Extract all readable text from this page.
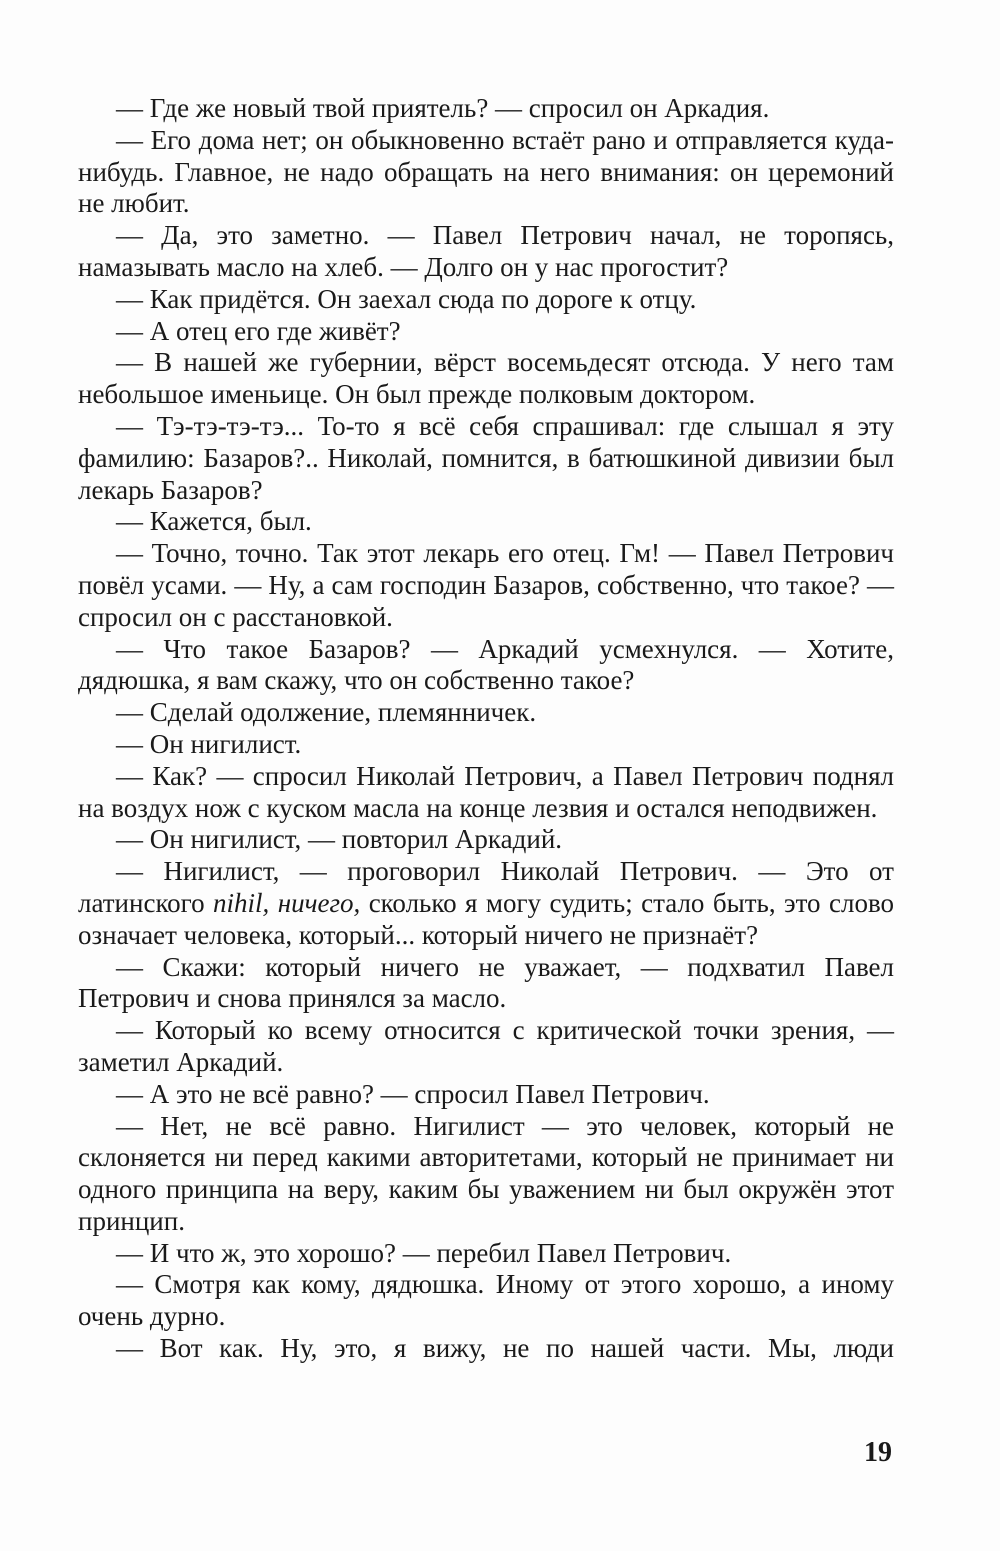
— Где же новый твой приятель? — спросил он Аркадия.

— Его дома нет; он обыкновенно встаёт рано и отправляется куда-нибудь. Главное, не надо обращать на него внимания: он церемоний не любит.

— Да, это заметно. — Павел Петрович начал, не торопясь, намазывать масло на хлеб. — Долго он у нас прогостит?

— Как придётся. Он заехал сюда по дороге к отцу.

— А отец его где живёт?

— В нашей же губернии, вёрст восемьдесят отсюда. У него там небольшое именьице. Он был прежде полковым доктором.

— Тэ-тэ-тэ-тэ... То-то я всё себя спрашивал: где слышал я эту фамилию: Базаров?.. Николай, помнится, в батюшкиной дивизии был лекарь Базаров?

— Кажется, был.

— Точно, точно. Так этот лекарь его отец. Гм! — Павел Петрович повёл усами. — Ну, а сам господин Базаров, собственно, что такое? — спросил он с расстановкой.

— Что такое Базаров? — Аркадий усмехнулся. — Хотите, дядюшка, я вам скажу, что он собственно такое?

— Сделай одолжение, племянничек.

— Он нигилист.

— Как? — спросил Николай Петрович, а Павел Петрович поднял на воздух нож с куском масла на конце лезвия и остался неподвижен.

— Он нигилист, — повторил Аркадий.

— Нигилист, — проговорил Николай Петрович. — Это от латинского nihil, ничего, сколько я могу судить; стало быть, это слово означает человека, который... который ничего не признаёт?

— Скажи: который ничего не уважает, — подхватил Павел Петрович и снова принялся за масло.

— Который ко всему относится с критической точки зрения, — заметил Аркадий.

— А это не всё равно? — спросил Павел Петрович.

— Нет, не всё равно. Нигилист — это человек, который не склоняется ни перед какими авторитетами, который не принимает ни одного принципа на веру, каким бы уважением ни был окружён этот принцип.

— И что ж, это хорошо? — перебил Павел Петрович.

— Смотря как кому, дядюшка. Иному от этого хорошо, а иному очень дурно.

— Вот как. Ну, это, я вижу, не по нашей части. Мы, люди

19
